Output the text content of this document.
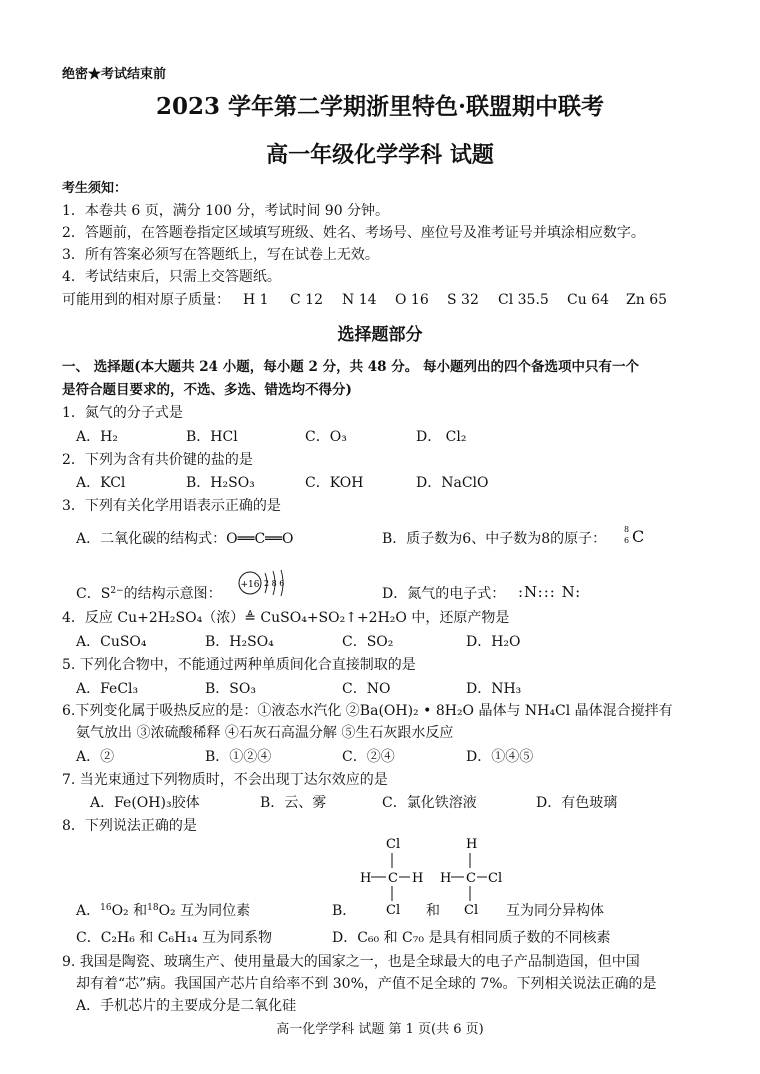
绝密★考试结束前
2023 学年第二学期浙里特色·联盟期中联考
高一年级化学学科 试题
考生须知：
1．本卷共 6 页，满分 100 分，考试时间 90 分钟。
2．答题前，在答题卷指定区域填写班级、姓名、考场号、座位号及准考证号并填涂相应数字。
3．所有答案必须写在答题纸上，写在试卷上无效。
4．考试结束后，只需上交答题纸。
可能用到的相对原子质量： H 1 C 12 N 14 O 16 S 32 Cl 35.5 Cu 64 Zn 65
选择题部分
一、 选择题(本大题共 24 小题，每小题 2 分，共 48 分。 每小题列出的四个备选项中只有一个
是符合题目要求的，不选、多选、错选均不得分)
1．氮气的分子式是
A．H₂	B．HCl	C．O₃	D． Cl₂
2．下列为含有共价键的盐的是
A．KCl	B．H₂SO₃	C．KOH	D．NaClO
3．下列有关化学用语表示正确的是
A．二氧化碳的结构式：O══C══O	B．质子数为6、中子数为8的原子：
8
6 C
C．$S^{2-}$的结构示意图：
+16 2 8 6
D．氮气的电子式： :N::: N:
4．反应 Cu+2H₂SO₄（浓）≜ CuSO₄+SO₂↑+2H₂O 中，还原产物是
A．CuSO₄	B．H₂SO₄	C．SO₂	D．H₂O
5. 下列化合物中，不能通过两种单质间化合直接制取的是
A．FeCl₃	B．SO₃	C．NO	D．NH₃
6.下列变化属于吸热反应的是：①液态水汽化 ②Ba(OH)₂ • 8H₂O 晶体与 NH₄Cl 晶体混合搅拌有
氨气放出 ③浓硫酸稀释 ④石灰石高温分解 ⑤生石灰跟水反应
A．②	B．①②④	C．②④	D．①④⑤
7. 当光束通过下列物质时，不会出现丁达尔效应的是
A．Fe(OH)₃胶体	B．云、雾	C．氯化铁溶液	D．有色玻璃
8．下列说法正确的是
A．$^{16}$O₂ 和$^{18}$O₂ 互为同位素	B．
Cl
H C H
Cl
H
H C Cl
Cl
和	互为同分异构体
C．C₂H₆ 和 C₆H₁₄ 互为同系物	D．C₆₀ 和 C₇₀ 是具有相同质子数的不同核素
9. 我国是陶瓷、玻璃生产、使用量最大的国家之一，也是全球最大的电子产品制造国，但中国
却有着“芯”病。我国国产芯片自给率不到 30%，产值不足全球的 7%。下列相关说法正确的是
A．手机芯片的主要成分是二氧化硅
高一化学学科 试题 第 1 页(共 6 页)
